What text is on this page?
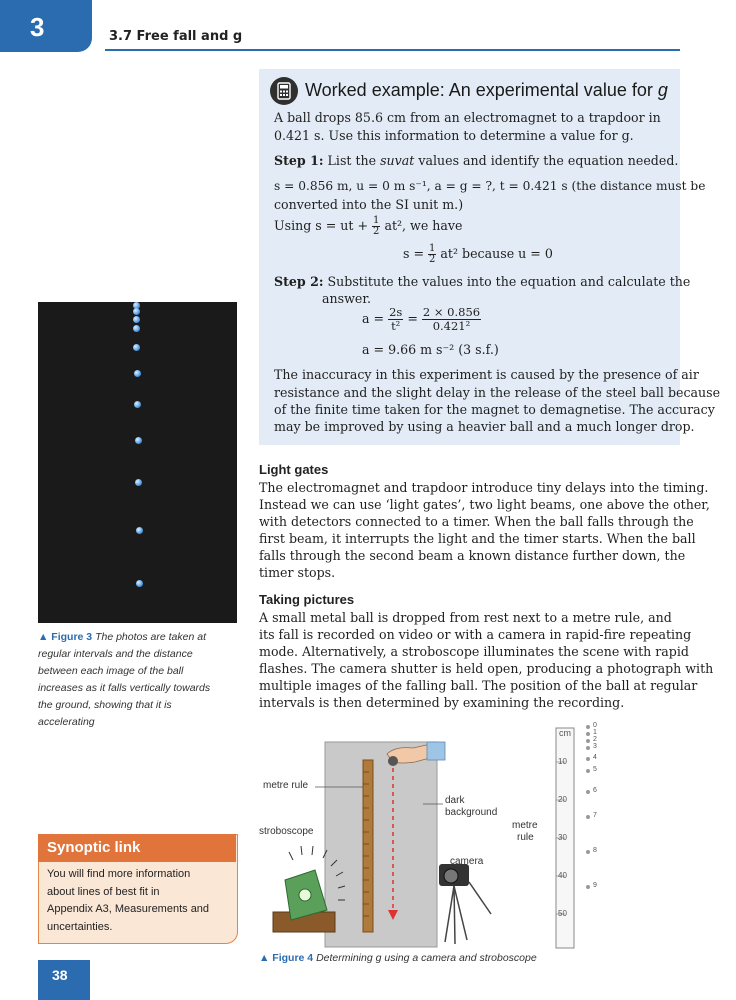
3	3.7 Free fall and g
Worked example: An experimental value for g
A ball drops 85.6 cm from an electromagnet to a trapdoor in
0.421 s. Use this information to determine a value for g.
Step 1: List the suvat values and identify the equation needed.
s = 0.856 m, u = 0 m s⁻¹, a = g = ?, t = 0.421 s (the distance must be
converted into the SI unit m.)
Using s = ut + $\frac{1}{2} at^2$, we have
$s = \frac{1}{2} at^2$ because u = 0
Step 2: Substitute the values into the equation and calculate the
answer.
$a = \frac{2s}{\text{t²}} = \frac{2 \times 0.856}{\text{0.421²}}$
a = 9.66 m s⁻² (3 s.f.)
The inaccuracy in this experiment is caused by the presence of air
resistance and the slight delay in the release of the steel ball because
of the finite time taken for the magnet to demagnetise. The accuracy
may be improved by using a heavier ball and a much longer drop.
▲ Figure 3 The photos are taken at
regular intervals and the distance
between each image of the ball
increases as it falls vertically towards
the ground, showing that it is
accelerating
Light gates
The electromagnet and trapdoor introduce tiny delays into the timing.
Instead we can use ‘light gates’, two light beams, one above the other,
with detectors connected to a timer. When the ball falls through the
first beam, it interrupts the light and the timer starts. When the ball
falls through the second beam a known distance further down, the
timer stops.
Taking pictures
A small metal ball is dropped from rest next to a metre rule, and
its fall is recorded on video or with a camera in rapid-fire repeating
mode. Alternatively, a stroboscope illuminates the scene with rapid
flashes. The camera shutter is held open, producing a photograph with
multiple images of the falling ball. The position of the ball at regular
intervals is then determined by examining the recording.
metre rule
stroboscope
dark
background
camera
metre
rule
cm
10
20
30
40
50
0
1
2
3
4
5
6
7
8
9
▲ Figure 4 Determining g using a camera and stroboscope
Synoptic link
You will find more information
about lines of best fit in
Appendix A3, Measurements and
uncertainties.
38
